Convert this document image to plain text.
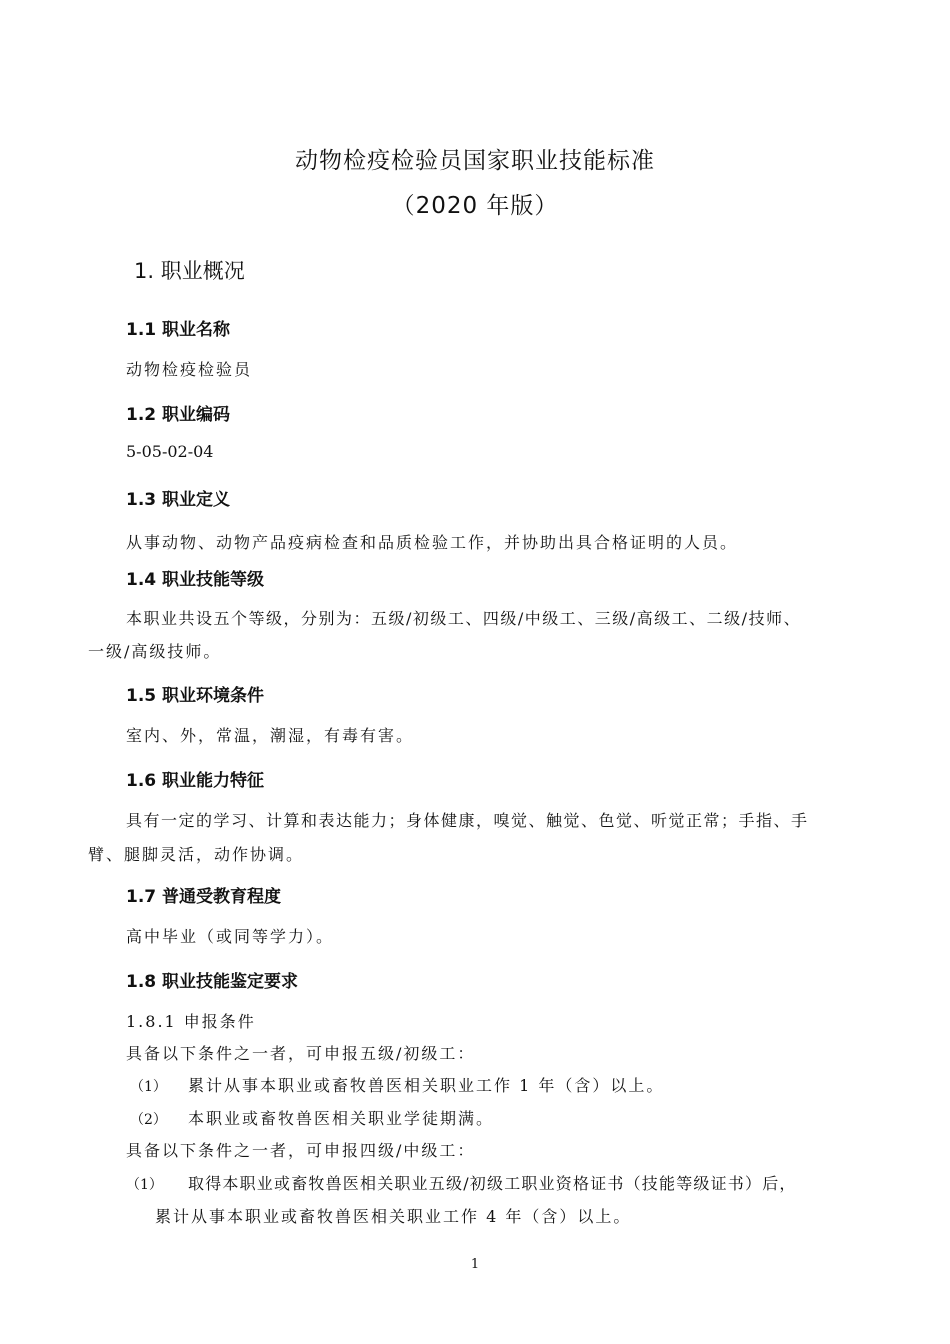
动物检疫检验员国家职业技能标准
（2020 年版）
1. 职业概况
1.1 职业名称
动物检疫检验员
1.2 职业编码
5-05-02-04
1.3 职业定义
从事动物、动物产品疫病检查和品质检验工作，并协助出具合格证明的人员。
1.4 职业技能等级
本职业共设五个等级，分别为：五级/初级工、四级/中级工、三级/高级工、二级/技师、
一级/高级技师。
1.5 职业环境条件
室内、外，常温，潮湿，有毒有害。
1.6 职业能力特征
具有一定的学习、计算和表达能力；身体健康，嗅觉、触觉、色觉、听觉正常；手指、手
臂、腿脚灵活，动作协调。
1.7 普通受教育程度
高中毕业（或同等学力）。
1.8 职业技能鉴定要求
1.8.1 申报条件
具备以下条件之一者，可申报五级/初级工：
（1） 累计从事本职业或畜牧兽医相关职业工作 1 年（含）以上。
（2） 本职业或畜牧兽医相关职业学徒期满。
具备以下条件之一者，可申报四级/中级工：
（1） 取得本职业或畜牧兽医相关职业五级/初级工职业资格证书（技能等级证书）后，
累计从事本职业或畜牧兽医相关职业工作 4 年（含）以上。
1
